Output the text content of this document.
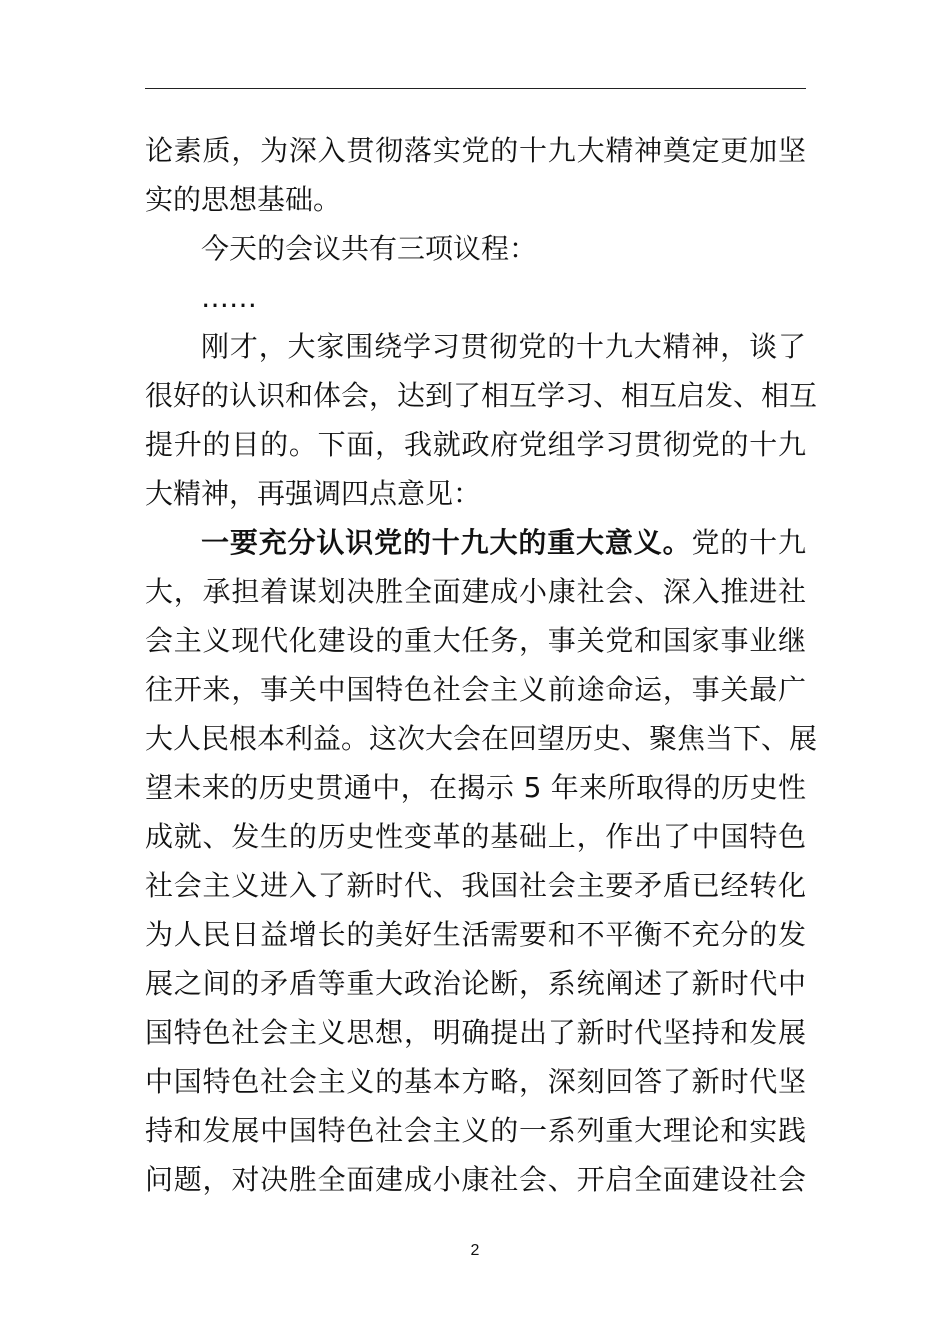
论素质，为深入贯彻落实党的十九大精神奠定更加坚
实的思想基础。
今天的会议共有三项议程：
……
刚才，大家围绕学习贯彻党的十九大精神，谈了
很好的认识和体会，达到了相互学习、相互启发、相互
提升的目的。下面，我就政府党组学习贯彻党的十九
大精神，再强调四点意见：
一要充分认识党的十九大的重大意义。党的十九
大，承担着谋划决胜全面建成小康社会、深入推进社
会主义现代化建设的重大任务，事关党和国家事业继
往开来，事关中国特色社会主义前途命运，事关最广
大人民根本利益。这次大会在回望历史、聚焦当下、展
望未来的历史贯通中，在揭示 5 年来所取得的历史性
成就、发生的历史性变革的基础上，作出了中国特色
社会主义进入了新时代、我国社会主要矛盾已经转化
为人民日益增长的美好生活需要和不平衡不充分的发
展之间的矛盾等重大政治论断，系统阐述了新时代中
国特色社会主义思想，明确提出了新时代坚持和发展
中国特色社会主义的基本方略，深刻回答了新时代坚
持和发展中国特色社会主义的一系列重大理论和实践
问题，对决胜全面建成小康社会、开启全面建设社会
2
